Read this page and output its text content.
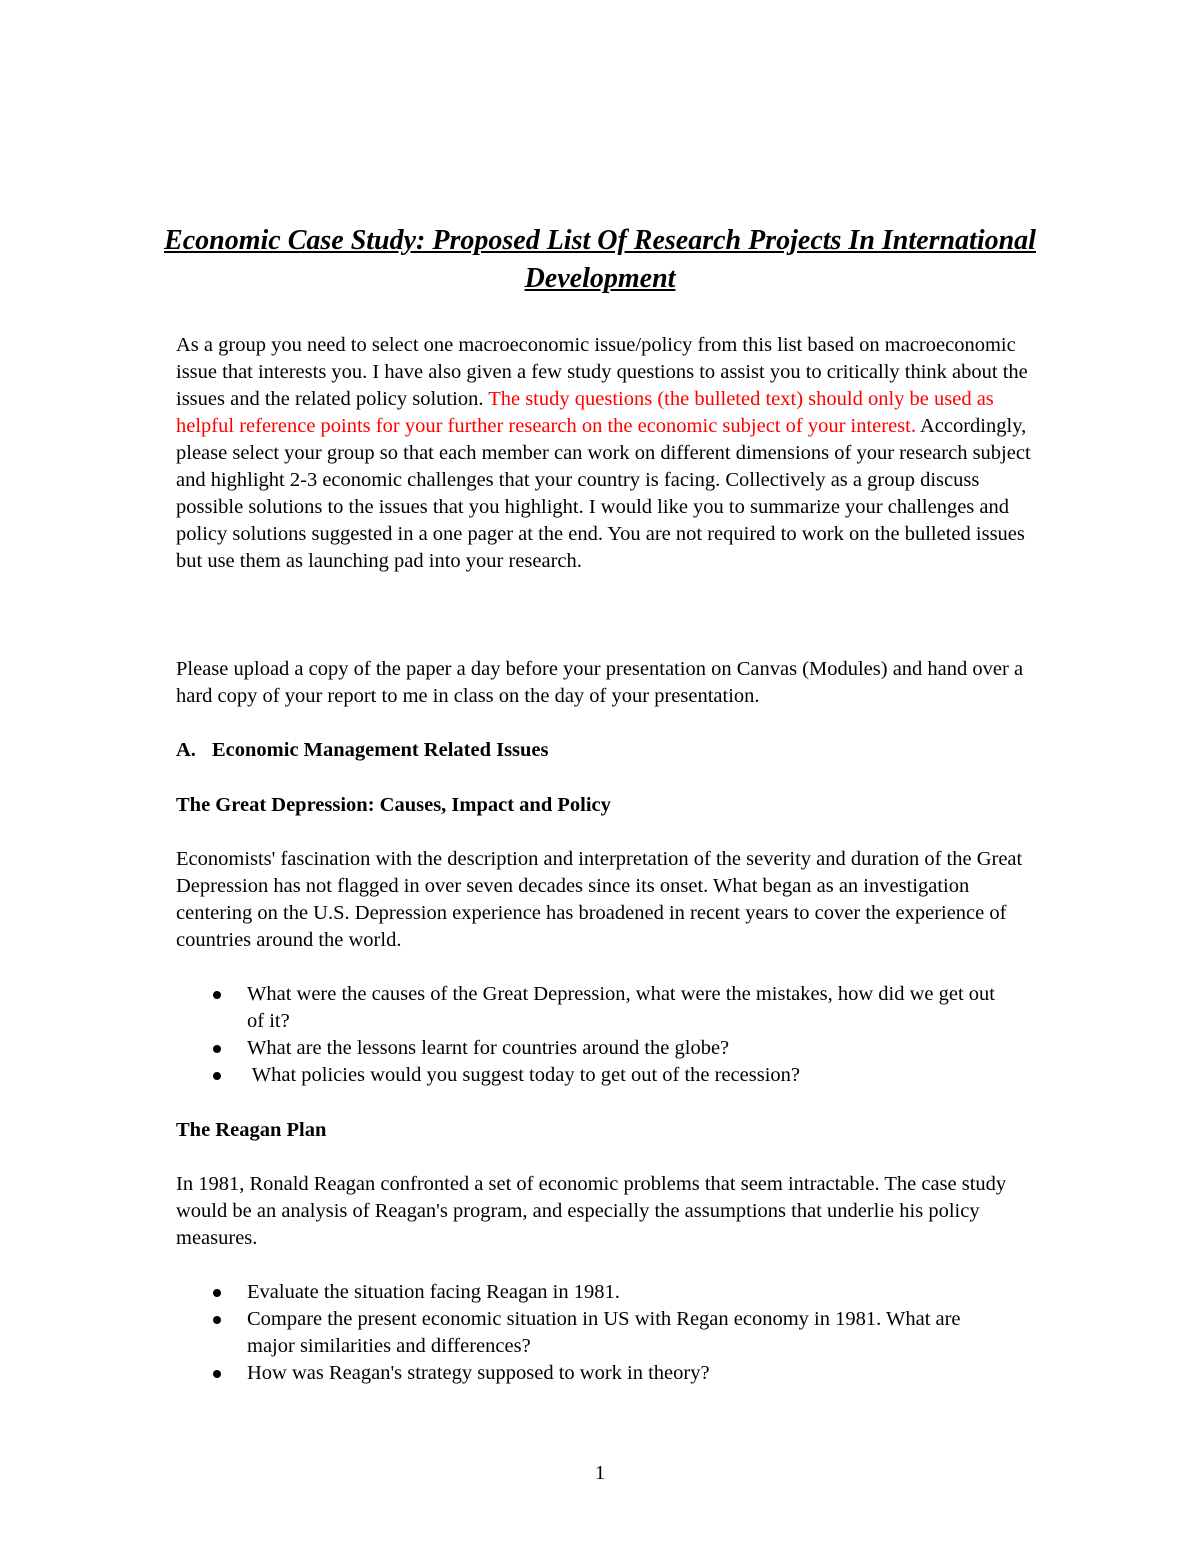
Economic Case Study: Proposed List Of Research Projects In International Development
As a group you need to select one macroeconomic issue/policy from this list based on macroeconomic issue that interests you. I have also given a few study questions to assist you to critically think about the issues and the related policy solution. The study questions (the bulleted text) should only be used as helpful reference points for your further research on the economic subject of your interest. Accordingly, please select your group so that each member can work on different dimensions of your research subject and highlight 2-3 economic challenges that your country is facing. Collectively as a group discuss possible solutions to the issues that you highlight. I would like you to summarize your challenges and policy solutions suggested in a one pager at the end. You are not required to work on the bulleted issues but use them as launching pad into your research.
Please upload a copy of the paper a day before your presentation on Canvas (Modules) and hand over a hard copy of your report to me in class on the day of your presentation.
A. Economic Management Related Issues
The Great Depression: Causes, Impact and Policy
Economists' fascination with the description and interpretation of the severity and duration of the Great Depression has not flagged in over seven decades since its onset. What began as an investigation centering on the U.S. Depression experience has broadened in recent years to cover the experience of countries around the world.
What were the causes of the Great Depression, what were the mistakes, how did we get out of it?
What are the lessons learnt for countries around the globe?
What policies would you suggest today to get out of the recession?
The Reagan Plan
In 1981, Ronald Reagan confronted a set of economic problems that seem intractable. The case study would be an analysis of Reagan's program, and especially the assumptions that underlie his policy measures.
Evaluate the situation facing Reagan in 1981.
Compare the present economic situation in US with Regan economy in 1981. What are major similarities and differences?
How was Reagan's strategy supposed to work in theory?
1
